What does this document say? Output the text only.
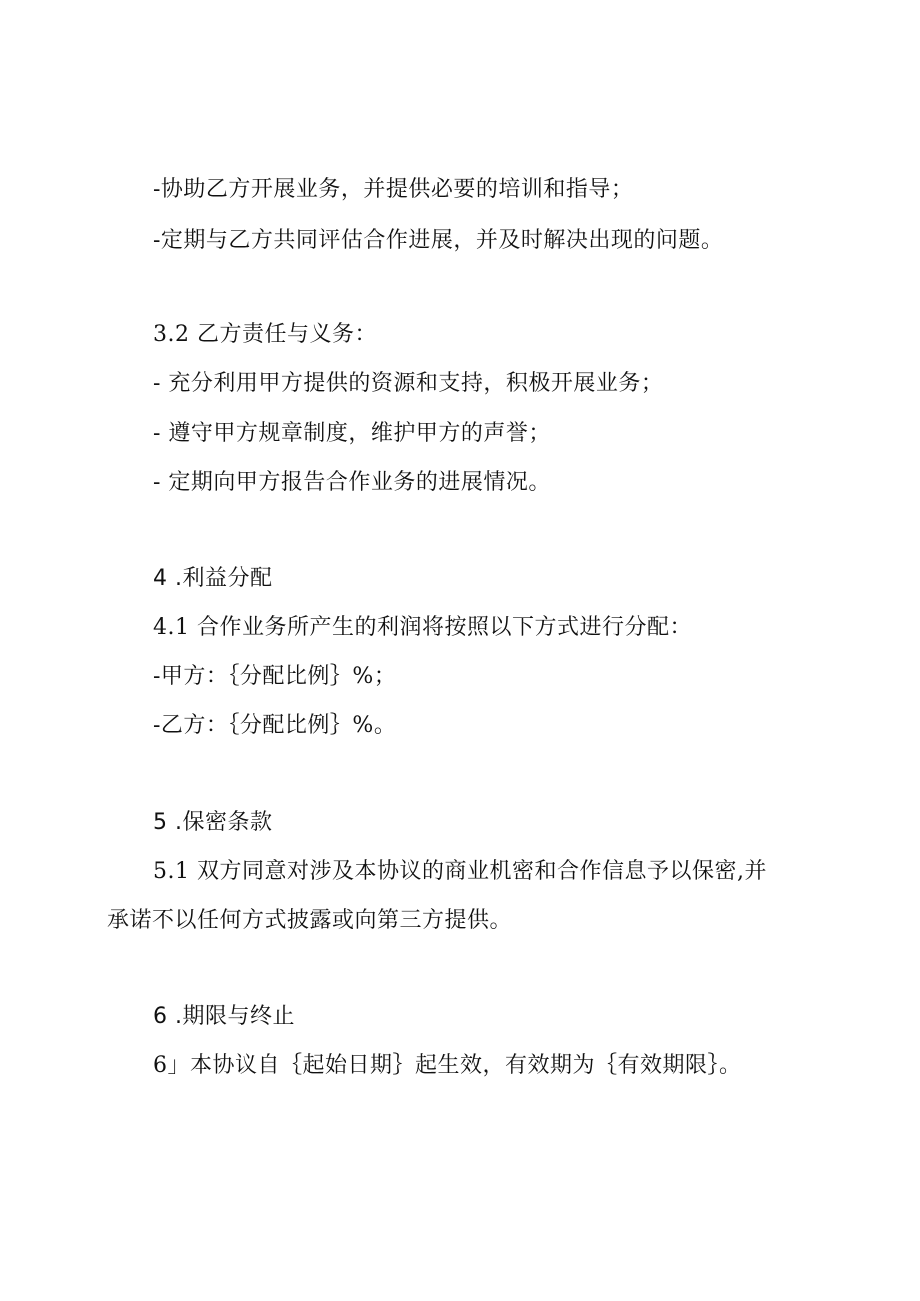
-协助乙方开展业务，并提供必要的培训和指导；
-定期与乙方共同评估合作进展，并及时解决出现的问题。
3.2 乙方责任与义务：
- 充分利用甲方提供的资源和支持，积极开展业务；
- 遵守甲方规章制度，维护甲方的声誉；
- 定期向甲方报告合作业务的进展情况。
4 .利益分配
4.1 合作业务所产生的利润将按照以下方式进行分配：
-甲方：｛分配比例｝%；
-乙方：｛分配比例｝%。
5 .保密条款
5.1 双方同意对涉及本协议的商业机密和合作信息予以保密,并
承诺不以任何方式披露或向第三方提供。
6 .期限与终止
6」本协议自｛起始日期｝起生效，有效期为｛有效期限｝。
